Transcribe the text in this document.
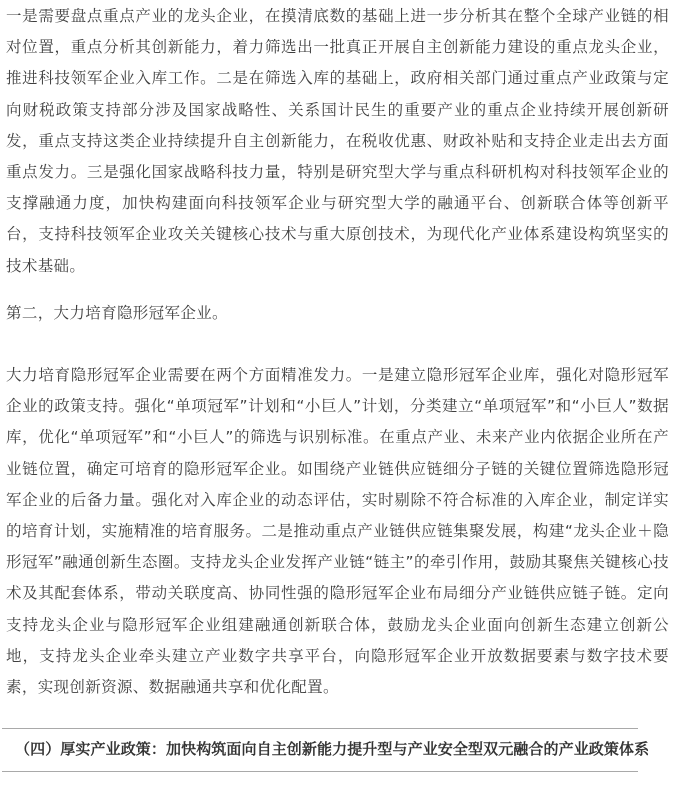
一是需要盘点重点产业的龙头企业，在摸清底数的基础上进一步分析其在整个全球产业链的相对位置，重点分析其创新能力，着力筛选出一批真正开展自主创新能力建设的重点龙头企业，推进科技领军企业入库工作。二是在筛选入库的基础上，政府相关部门通过重点产业政策与定向财税政策支持部分涉及国家战略性、关系国计民生的重要产业的重点企业持续开展创新研发，重点支持这类企业持续提升自主创新能力，在税收优惠、财政补贴和支持企业走出去方面重点发力。三是强化国家战略科技力量，特别是研究型大学与重点科研机构对科技领军企业的支撑融通力度，加快构建面向科技领军企业与研究型大学的融通平台、创新联合体等创新平台，支持科技领军企业攻关关键核心技术与重大原创技术，为现代化产业体系建设构筑坚实的技术基础。

第二，大力培育隐形冠军企业。

大力培育隐形冠军企业需要在两个方面精准发力。一是建立隐形冠军企业库，强化对隐形冠军企业的政策支持。强化“单项冠军”计划和“小巨人”计划，分类建立“单项冠军”和“小巨人”数据库，优化“单项冠军”和“小巨人”的筛选与识别标准。在重点产业、未来产业内依据企业所在产业链位置，确定可培育的隐形冠军企业。如围绕产业链供应链细分子链的关键位置筛选隐形冠军企业的后备力量。强化对入库企业的动态评估，实时剔除不符合标准的入库企业，制定详实的培育计划，实施精准的培育服务。二是推动重点产业链供应链集聚发展，构建“龙头企业＋隐形冠军”融通创新生态圈。支持龙头企业发挥产业链“链主”的牵引作用，鼓励其聚焦关键核心技术及其配套体系，带动关联度高、协同性强的隐形冠军企业布局细分产业链供应链子链。定向支持龙头企业与隐形冠军企业组建融通创新联合体，鼓励龙头企业面向创新生态建立创新公地，支持龙头企业牵头建立产业数字共享平台，向隐形冠军企业开放数据要素与数字技术要素，实现创新资源、数据融通共享和优化配置。

（四）厚实产业政策：加快构筑面向自主创新能力提升型与产业安全型双元融合的产业政策体系
